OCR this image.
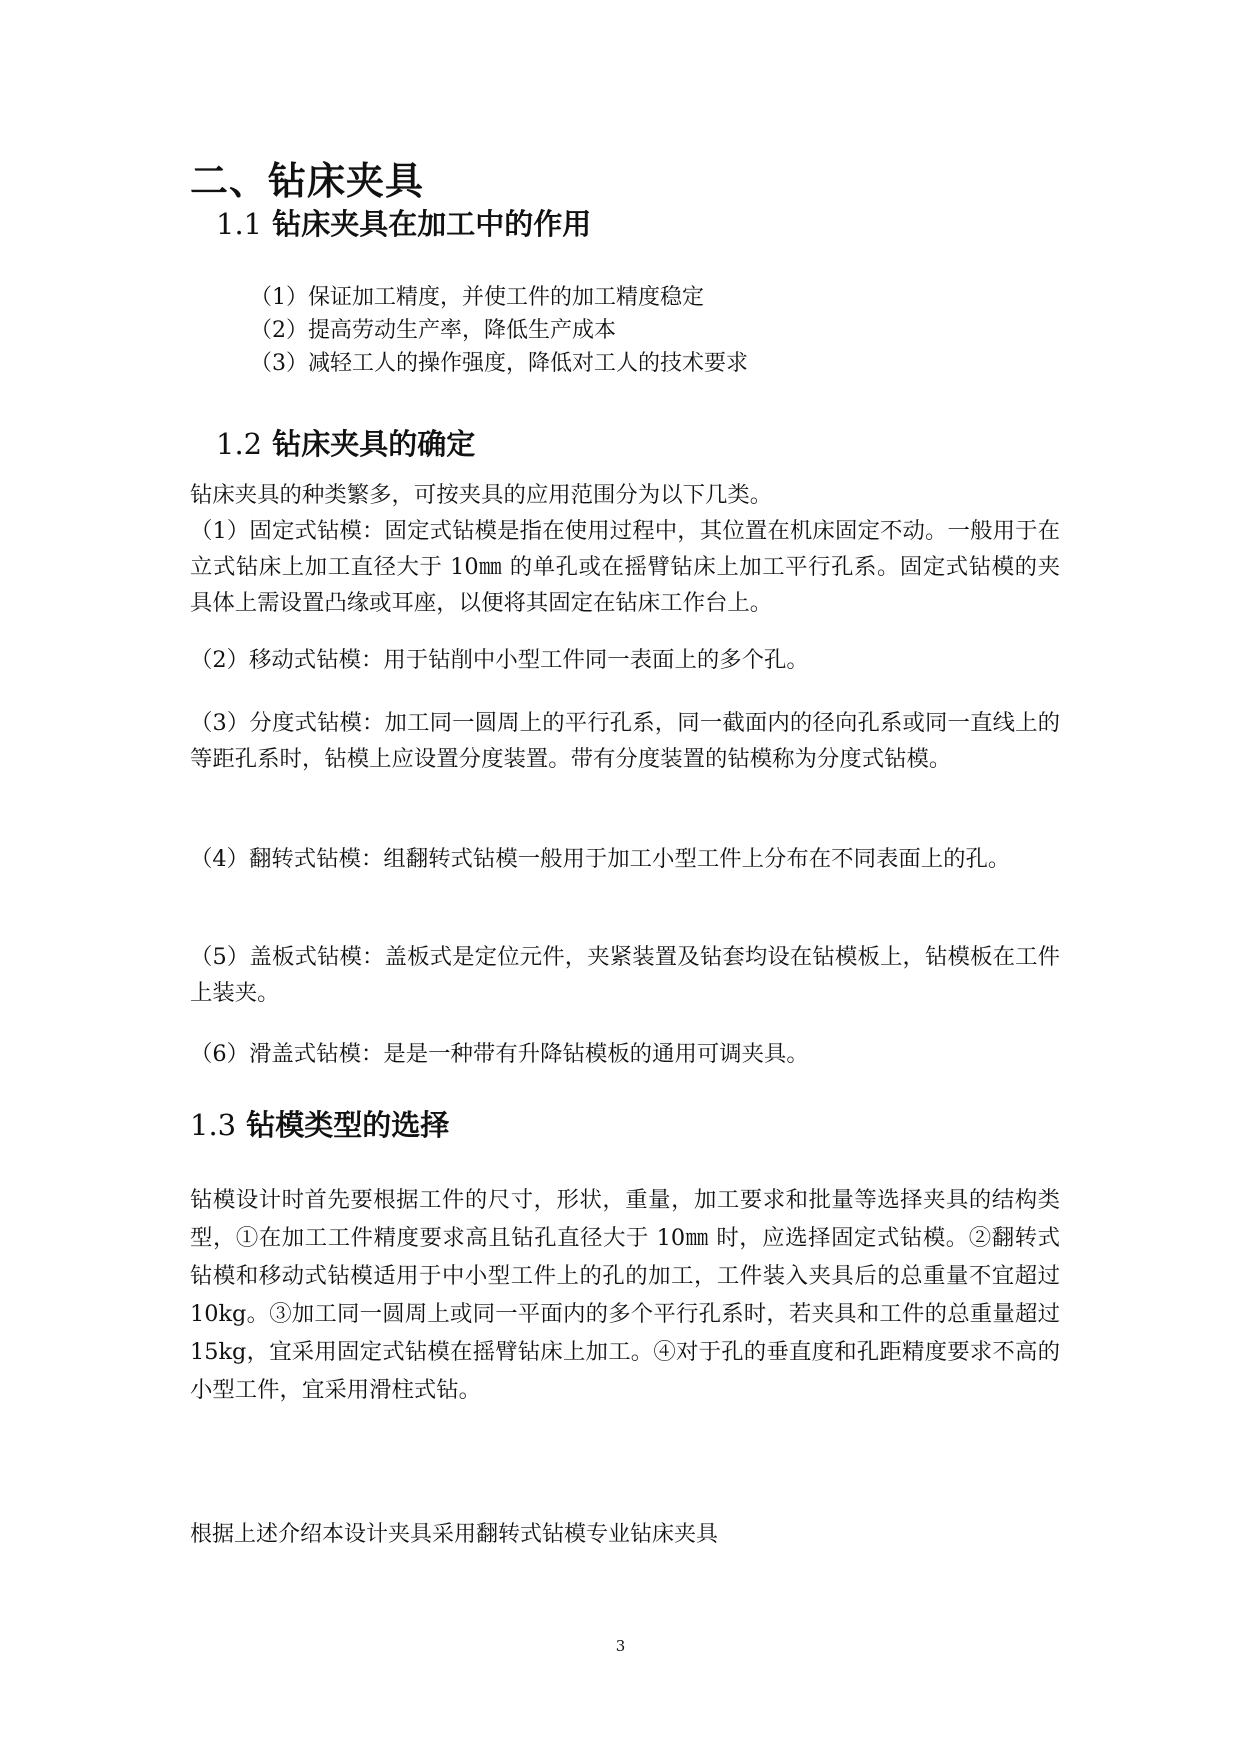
二、钻床夹具
1.1 钻床夹具在加工中的作用

（1）保证加工精度，并使工件的加工精度稳定

（2）提高劳动生产率，降低生产成本

（3）减轻工人的操作强度，降低对工人的技术要求

1.2 钻床夹具的确定

钻床夹具的种类繁多，可按夹具的应用范围分为以下几类。

（1）固定式钻模：固定式钻模是指在使用过程中，其位置在机床固定不动。一般用于在立式钻床上加工直径大于 10㎜ 的单孔或在摇臂钻床上加工平行孔系。固定式钻模的夹具体上需设置凸缘或耳座，以便将其固定在钻床工作台上。

（2）移动式钻模：用于钻削中小型工件同一表面上的多个孔。

（3）分度式钻模：加工同一圆周上的平行孔系，同一截面内的径向孔系或同一直线上的等距孔系时，钻模上应设置分度装置。带有分度装置的钻模称为分度式钻模。

（4）翻转式钻模：组翻转式钻模一般用于加工小型工件上分布在不同表面上的孔。

（5）盖板式钻模：盖板式是定位元件，夹紧装置及钻套均设在钻模板上，钻模板在工件上装夹。

（6）滑盖式钻模：是是一种带有升降钻模板的通用可调夹具。

1.3 钻模类型的选择

钻模设计时首先要根据工件的尺寸，形状，重量，加工要求和批量等选择夹具的结构类型，①在加工工件精度要求高且钻孔直径大于 10㎜ 时，应选择固定式钻模。②翻转式钻模和移动式钻模适用于中小型工件上的孔的加工，工件装入夹具后的总重量不宜超过 10kg。③加工同一圆周上或同一平面内的多个平行孔系时，若夹具和工件的总重量超过 15kg，宜采用固定式钻模在摇臂钻床上加工。④对于孔的垂直度和孔距精度要求不高的小型工件，宜采用滑柱式钻。

根据上述介绍本设计夹具采用翻转式钻模专业钻床夹具

3
